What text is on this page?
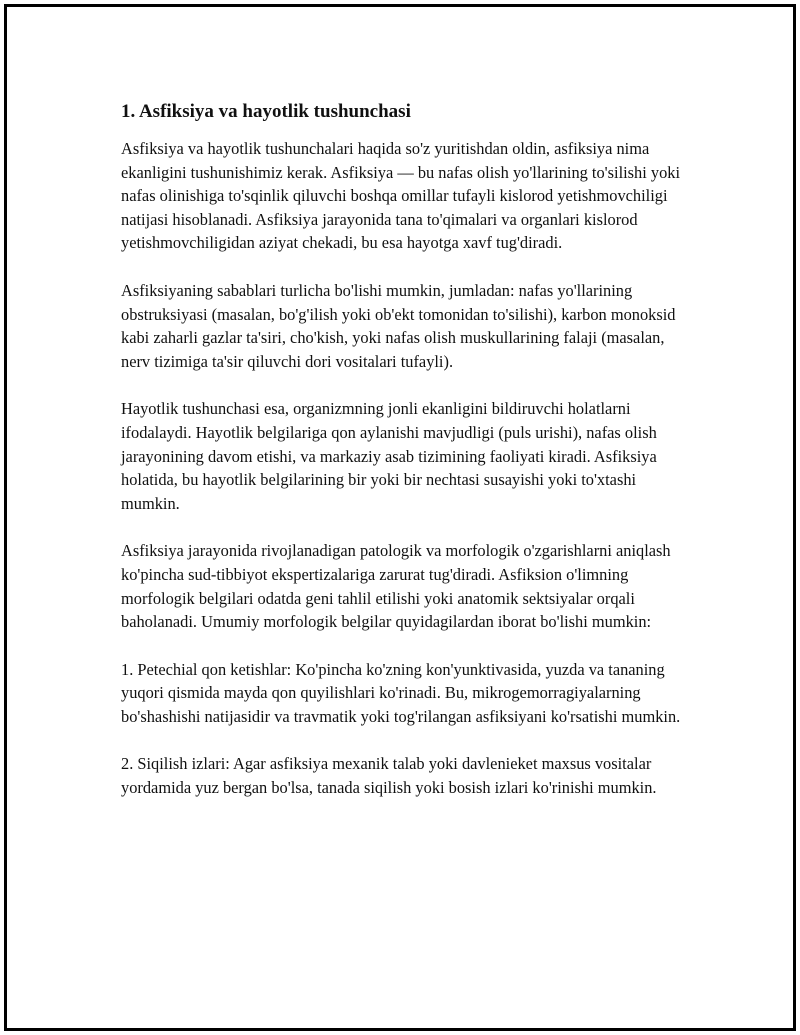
1. Asfiksiya va hayotlik tushunchasi

Asfiksiya va hayotlik tushunchalari haqida so'z yuritishdan oldin, asfiksiya nima ekanligini tushunishimiz kerak. Asfiksiya — bu nafas olish yo'llarining to'silishi yoki nafas olinishiga to'sqinlik qiluvchi boshqa omillar tufayli kislorod yetishmovchiligi natijasi hisoblanadi. Asfiksiya jarayonida tana to'qimalari va organlari kislorod yetishmovchiligidan aziyat chekadi, bu esa hayotga xavf tug'diradi.

Asfiksiyaning sabablari turlicha bo'lishi mumkin, jumladan: nafas yo'llarining obstruksiyasi (masalan, bo'g'ilish yoki ob'ekt tomonidan to'silishi), karbon monoksid kabi zaharli gazlar ta'siri, cho'kish, yoki nafas olish muskullarining falaji (masalan, nerv tizimiga ta'sir qiluvchi dori vositalari tufayli).

Hayotlik tushunchasi esa, organizmning jonli ekanligini bildiruvchi holatlarni ifodalaydi. Hayotlik belgilariga qon aylanishi mavjudligi (puls urishi), nafas olish jarayonining davom etishi, va markaziy asab tizimining faoliyati kiradi. Asfiksiya holatida, bu hayotlik belgilarining bir yoki bir nechtasi susayishi yoki to'xtashi mumkin.

Asfiksiya jarayonida rivojlanadigan patologik va morfologik o'zgarishlarni aniqlash ko'pincha sud-tibbiyot ekspertizalariga zarurat tug'diradi. Asfiksion o'limning morfologik belgilari odatda geni tahlil etilishi yoki anatomik sektsiyalar orqali baholanadi. Umumiy morfologik belgilar quyidagilardan iborat bo'lishi mumkin:

1. Petechial qon ketishlar: Ko'pincha ko'zning kon'yunktivasida, yuzda va tananing yuqori qismida mayda qon quyilishlari ko'rinadi. Bu, mikrogemorragiyalarning bo'shashishi natijasidir va travmatik yoki tog'rilangan asfiksiyani ko'rsatishi mumkin.

2. Siqilish izlari: Agar asfiksiya mexanik talab yoki davlenieket maxsus vositalar yordamida yuz bergan bo'lsa, tanada siqilish yoki bosish izlari ko'rinishi mumkin.
